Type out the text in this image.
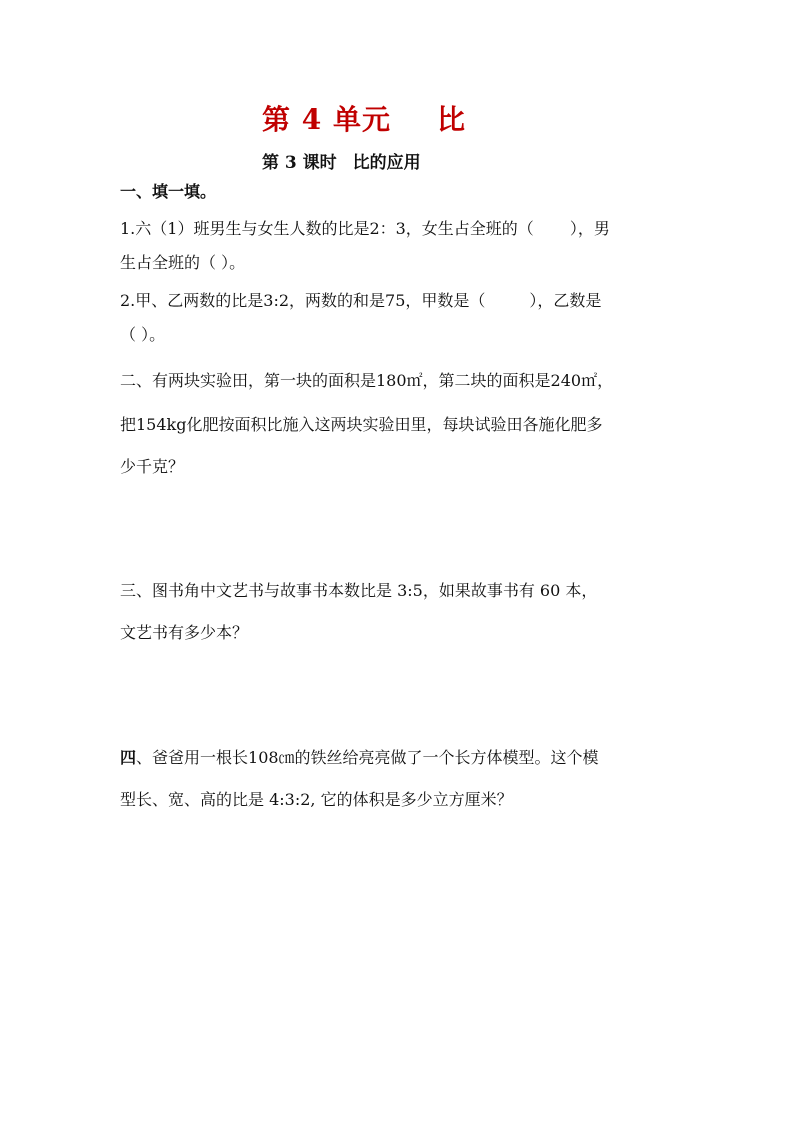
第 4 单元 比
第 3 课时 比的应用
一、填一填。
1.六（1）班男生与女生人数的比是2：3，女生占全班的（ ），男
生占全班的（ ）。
2.甲、乙两数的比是3:2，两数的和是75，甲数是（	），乙数是
（ ）。
二、有两块实验田，第一块的面积是180㎡，第二块的面积是240㎡，
把154kg化肥按面积比施入这两块实验田里，每块试验田各施化肥多
少千克？
三、图书角中文艺书与故事书本数比是 3:5，如果故事书有 60 本，
文艺书有多少本？
四、爸爸用一根长108㎝的铁丝给亮亮做了一个长方体模型。这个模
型长、宽、高的比是 4:3:2, 它的体积是多少立方厘米？
